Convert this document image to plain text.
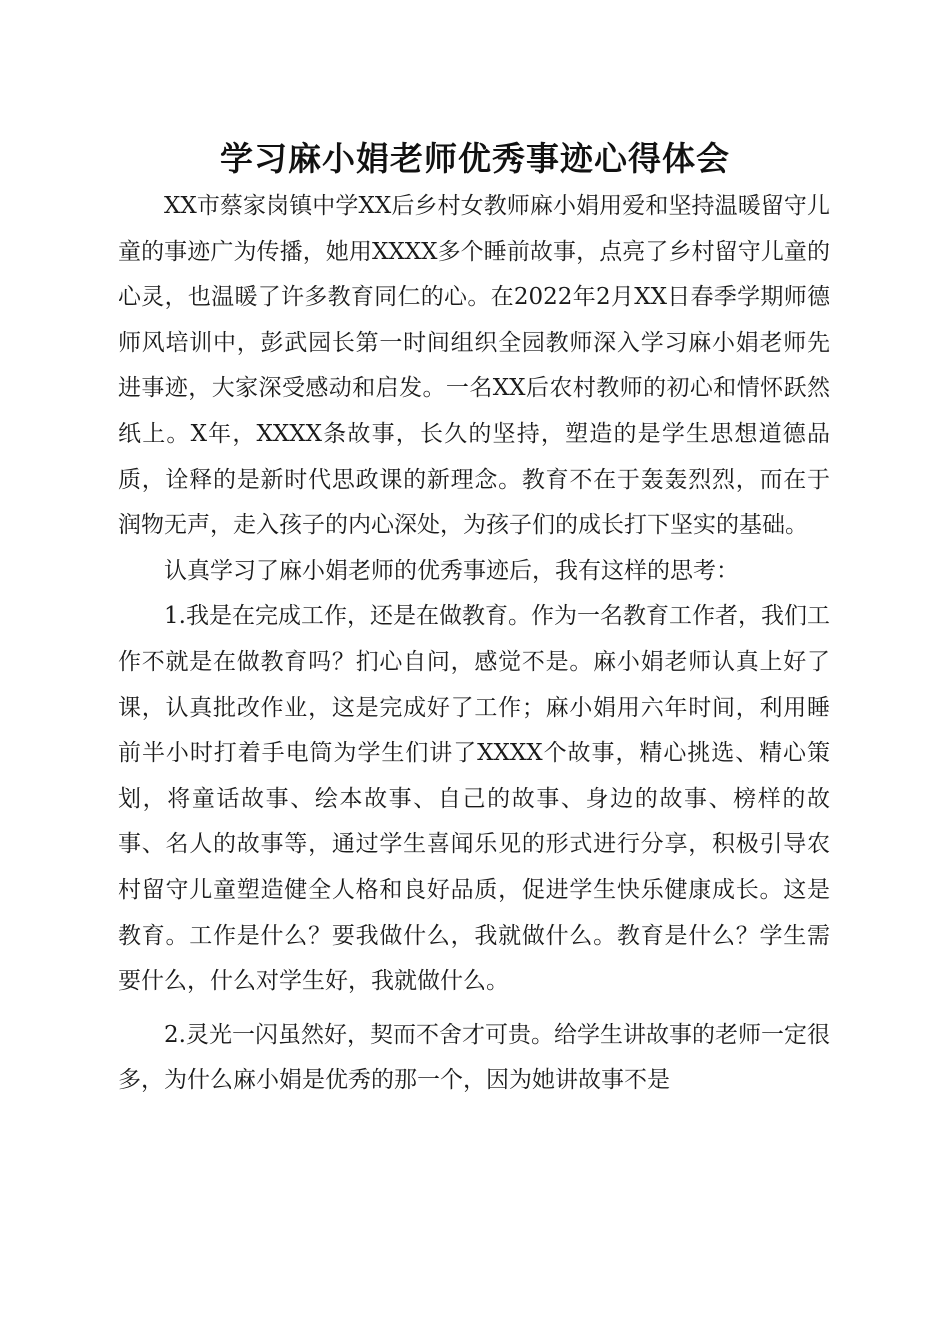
学习麻小娟老师优秀事迹心得体会

XX市蔡家岗镇中学XX后乡村女教师麻小娟用爱和坚持温暖留守儿童的事迹广为传播，她用XXXX多个睡前故事，点亮了乡村留守儿童的心灵，也温暖了许多教育同仁的心。在2022年2月XX日春季学期师德师风培训中，彭武园长第一时间组织全园教师深入学习麻小娟老师先进事迹，大家深受感动和启发。一名XX后农村教师的初心和情怀跃然纸上。X年，XXXX条故事，长久的坚持，塑造的是学生思想道德品质，诠释的是新时代思政课的新理念。教育不在于轰轰烈烈，而在于润物无声，走入孩子的内心深处，为孩子们的成长打下坚实的基础。

认真学习了麻小娟老师的优秀事迹后，我有这样的思考：

1.我是在完成工作，还是在做教育。作为一名教育工作者，我们工作不就是在做教育吗？扪心自问，感觉不是。麻小娟老师认真上好了课，认真批改作业，这是完成好了工作；麻小娟用六年时间，利用睡前半小时打着手电筒为学生们讲了XXXX个故事，精心挑选、精心策划，将童话故事、绘本故事、自己的故事、身边的故事、榜样的故事、名人的故事等，通过学生喜闻乐见的形式进行分享，积极引导农村留守儿童塑造健全人格和良好品质，促进学生快乐健康成长。这是教育。工作是什么？要我做什么，我就做什么。教育是什么？学生需要什么，什么对学生好，我就做什么。

2.灵光一闪虽然好，契而不舍才可贵。给学生讲故事的老师一定很多，为什么麻小娟是优秀的那一个，因为她讲故事不是
